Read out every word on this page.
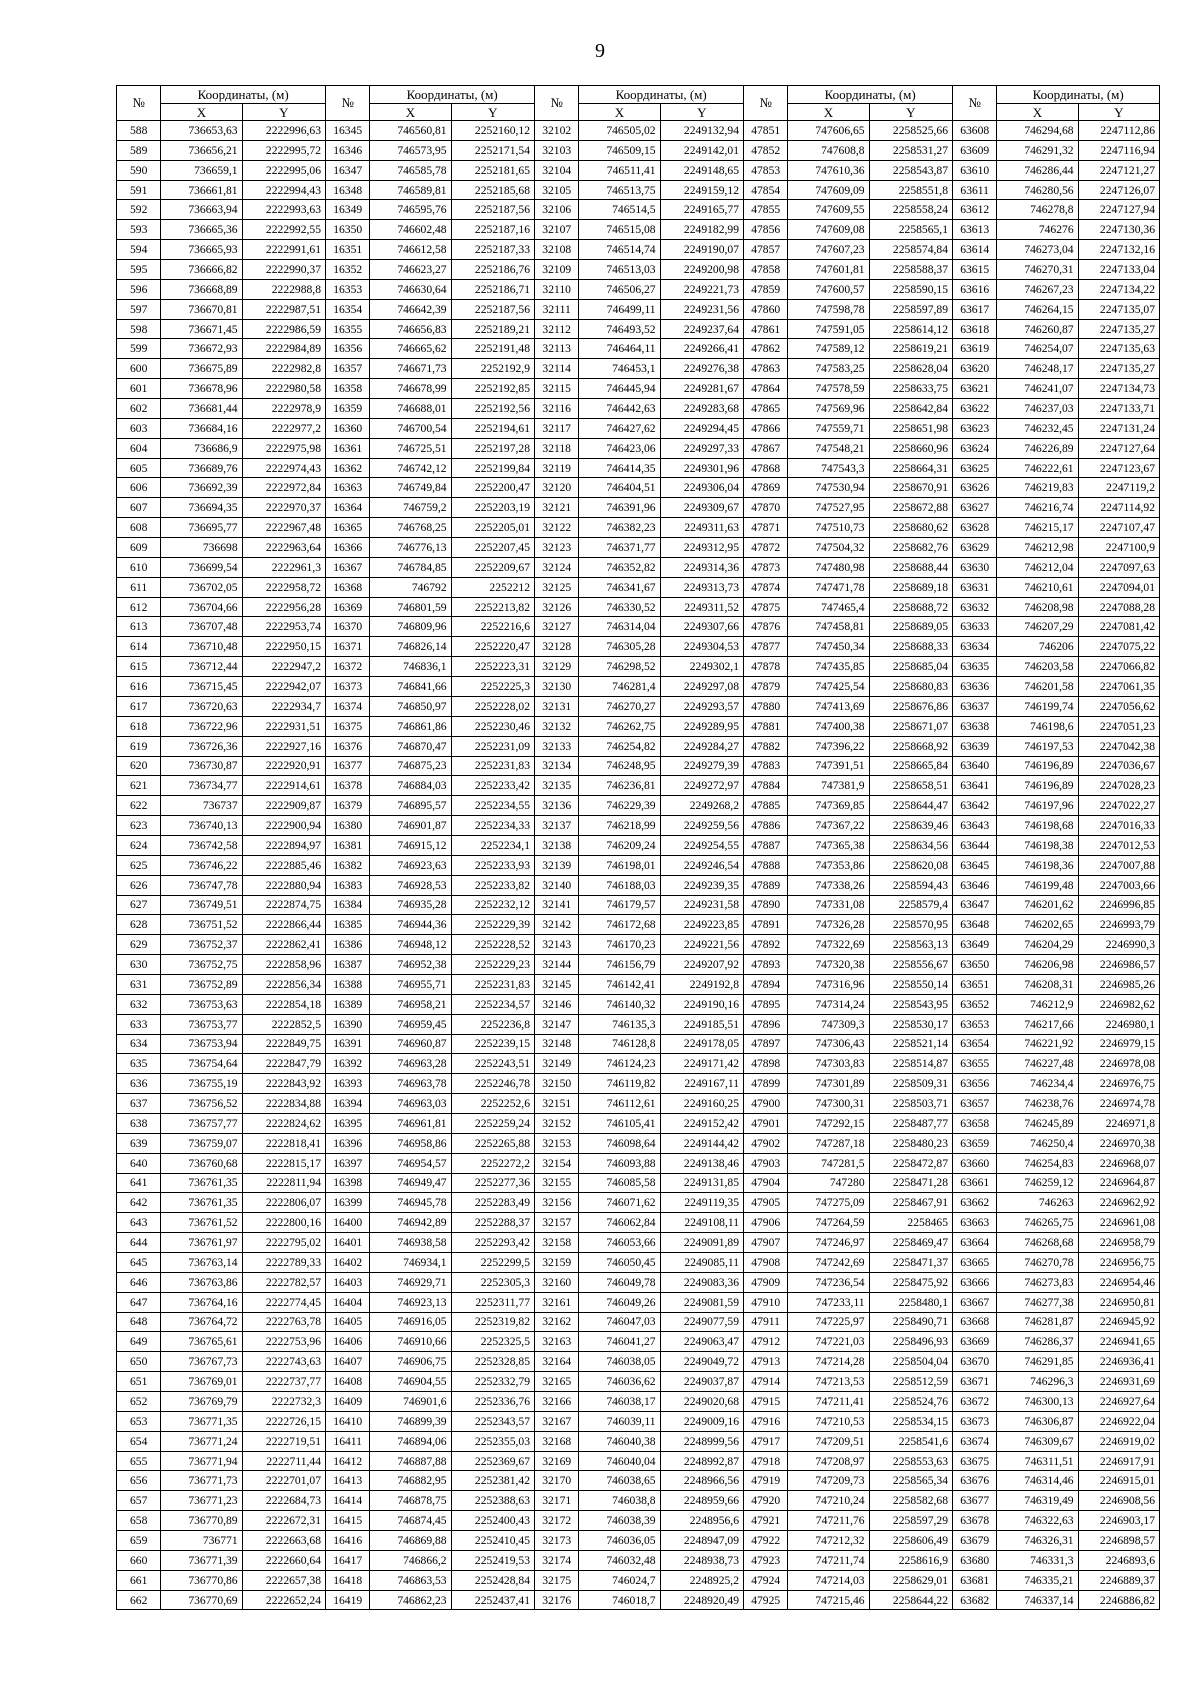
9
№	Координаты, (м)		№	Координаты, (м)		№	Координаты, (м)		№	Координаты, (м)		№	Координаты, (м)	
	X	Y		X	Y		X	Y		X	Y		X	Y
588	736653,63	2222996,63	16345	746560,81	2252160,12	32102	746505,02	2249132,94	47851	747606,65	2258525,66	63608	746294,68	2247112,86
589	736656,21	2222995,72	16346	746573,95	2252171,54	32103	746509,15	2249142,01	47852	747608,8	2258531,27	63609	746291,32	2247116,94
590	736659,1	2222995,06	16347	746585,78	2252181,65	32104	746511,41	2249148,65	47853	747610,36	2258543,87	63610	746286,44	2247121,27
591	736661,81	2222994,43	16348	746589,81	2252185,68	32105	746513,75	2249159,12	47854	747609,09	2258551,8	63611	746280,56	2247126,07
592	736663,94	2222993,63	16349	746595,76	2252187,56	32106	746514,5	2249165,77	47855	747609,55	2258558,24	63612	746278,8	2247127,94
593	736665,36	2222992,55	16350	746602,48	2252187,16	32107	746515,08	2249182,99	47856	747609,08	2258565,1	63613	746276	2247130,36
594	736665,93	2222991,61	16351	746612,58	2252187,33	32108	746514,74	2249190,07	47857	747607,23	2258574,84	63614	746273,04	2247132,16
595	736666,82	2222990,37	16352	746623,27	2252186,76	32109	746513,03	2249200,98	47858	747601,81	2258588,37	63615	746270,31	2247133,04
596	736668,89	2222988,8	16353	746630,64	2252186,71	32110	746506,27	2249221,73	47859	747600,57	2258590,15	63616	746267,23	2247134,22
597	736670,81	2222987,51	16354	746642,39	2252187,56	32111	746499,11	2249231,56	47860	747598,78	2258597,89	63617	746264,15	2247135,07
598	736671,45	2222986,59	16355	746656,83	2252189,21	32112	746493,52	2249237,64	47861	747591,05	2258614,12	63618	746260,87	2247135,27
599	736672,93	2222984,89	16356	746665,62	2252191,48	32113	746464,11	2249266,41	47862	747589,12	2258619,21	63619	746254,07	2247135,63
600	736675,89	2222982,8	16357	746671,73	2252192,9	32114	746453,1	2249276,38	47863	747583,25	2258628,04	63620	746248,17	2247135,27
601	736678,96	2222980,58	16358	746678,99	2252192,85	32115	746445,94	2249281,67	47864	747578,59	2258633,75	63621	746241,07	2247134,73
602	736681,44	2222978,9	16359	746688,01	2252192,56	32116	746442,63	2249283,68	47865	747569,96	2258642,84	63622	746237,03	2247133,71
603	736684,16	2222977,2	16360	746700,54	2252194,61	32117	746427,62	2249294,45	47866	747559,71	2258651,98	63623	746232,45	2247131,24
604	736686,9	2222975,98	16361	746725,51	2252197,28	32118	746423,06	2249297,33	47867	747548,21	2258660,96	63624	746226,89	2247127,64
605	736689,76	2222974,43	16362	746742,12	2252199,84	32119	746414,35	2249301,96	47868	747543,3	2258664,31	63625	746222,61	2247123,67
606	736692,39	2222972,84	16363	746749,84	2252200,47	32120	746404,51	2249306,04	47869	747530,94	2258670,91	63626	746219,83	2247119,2
607	736694,35	2222970,37	16364	746759,2	2252203,19	32121	746391,96	2249309,67	47870	747527,95	2258672,88	63627	746216,74	2247114,92
608	736695,77	2222967,48	16365	746768,25	2252205,01	32122	746382,23	2249311,63	47871	747510,73	2258680,62	63628	746215,17	2247107,47
609	736698	2222963,64	16366	746776,13	2252207,45	32123	746371,77	2249312,95	47872	747504,32	2258682,76	63629	746212,98	2247100,9
610	736699,54	2222961,3	16367	746784,85	2252209,67	32124	746352,82	2249314,36	47873	747480,98	2258688,44	63630	746212,04	2247097,63
611	736702,05	2222958,72	16368	746792	2252212	32125	746341,67	2249313,73	47874	747471,78	2258689,18	63631	746210,61	2247094,01
612	736704,66	2222956,28	16369	746801,59	2252213,82	32126	746330,52	2249311,52	47875	747465,4	2258688,72	63632	746208,98	2247088,28
613	736707,48	2222953,74	16370	746809,96	2252216,6	32127	746314,04	2249307,66	47876	747458,81	2258689,05	63633	746207,29	2247081,42
614	736710,48	2222950,15	16371	746826,14	2252220,47	32128	746305,28	2249304,53	47877	747450,34	2258688,33	63634	746206	2247075,22
615	736712,44	2222947,2	16372	746836,1	2252223,31	32129	746298,52	2249302,1	47878	747435,85	2258685,04	63635	746203,58	2247066,82
616	736715,45	2222942,07	16373	746841,66	2252225,3	32130	746281,4	2249297,08	47879	747425,54	2258680,83	63636	746201,58	2247061,35
617	736720,63	2222934,7	16374	746850,97	2252228,02	32131	746270,27	2249293,57	47880	747413,69	2258676,86	63637	746199,74	2247056,62
618	736722,96	2222931,51	16375	746861,86	2252230,46	32132	746262,75	2249289,95	47881	747400,38	2258671,07	63638	746198,6	2247051,23
619	736726,36	2222927,16	16376	746870,47	2252231,09	32133	746254,82	2249284,27	47882	747396,22	2258668,92	63639	746197,53	2247042,38
620	736730,87	2222920,91	16377	746875,23	2252231,83	32134	746248,95	2249279,39	47883	747391,51	2258665,84	63640	746196,89	2247036,67
621	736734,77	2222914,61	16378	746884,03	2252233,42	32135	746236,81	2249272,97	47884	747381,9	2258658,51	63641	746196,89	2247028,23
622	736737	2222909,87	16379	746895,57	2252234,55	32136	746229,39	2249268,2	47885	747369,85	2258644,47	63642	746197,96	2247022,27
623	736740,13	2222900,94	16380	746901,87	2252234,33	32137	746218,99	2249259,56	47886	747367,22	2258639,46	63643	746198,68	2247016,33
624	736742,58	2222894,97	16381	746915,12	2252234,1	32138	746209,24	2249254,55	47887	747365,38	2258634,56	63644	746198,38	2247012,53
625	736746,22	2222885,46	16382	746923,63	2252233,93	32139	746198,01	2249246,54	47888	747353,86	2258620,08	63645	746198,36	2247007,88
626	736747,78	2222880,94	16383	746928,53	2252233,82	32140	746188,03	2249239,35	47889	747338,26	2258594,43	63646	746199,48	2247003,66
627	736749,51	2222874,75	16384	746935,28	2252232,12	32141	746179,57	2249231,58	47890	747331,08	2258579,4	63647	746201,62	2246996,85
628	736751,52	2222866,44	16385	746944,36	2252229,39	32142	746172,68	2249223,85	47891	747326,28	2258570,95	63648	746202,65	2246993,79
629	736752,37	2222862,41	16386	746948,12	2252228,52	32143	746170,23	2249221,56	47892	747322,69	2258563,13	63649	746204,29	2246990,3
630	736752,75	2222858,96	16387	746952,38	2252229,23	32144	746156,79	2249207,92	47893	747320,38	2258556,67	63650	746206,98	2246986,57
631	736752,89	2222856,34	16388	746955,71	2252231,83	32145	746142,41	2249192,8	47894	747316,96	2258550,14	63651	746208,31	2246985,26
632	736753,63	2222854,18	16389	746958,21	2252234,57	32146	746140,32	2249190,16	47895	747314,24	2258543,95	63652	746212,9	2246982,62
633	736753,77	2222852,5	16390	746959,45	2252236,8	32147	746135,3	2249185,51	47896	747309,3	2258530,17	63653	746217,66	2246980,1
634	736753,94	2222849,75	16391	746960,87	2252239,15	32148	746128,8	2249178,05	47897	747306,43	2258521,14	63654	746221,92	2246979,15
635	736754,64	2222847,79	16392	746963,28	2252243,51	32149	746124,23	2249171,42	47898	747303,83	2258514,87	63655	746227,48	2246978,08
636	736755,19	2222843,92	16393	746963,78	2252246,78	32150	746119,82	2249167,11	47899	747301,89	2258509,31	63656	746234,4	2246976,75
637	736756,52	2222834,88	16394	746963,03	2252252,6	32151	746112,61	2249160,25	47900	747300,31	2258503,71	63657	746238,76	2246974,78
638	736757,77	2222824,62	16395	746961,81	2252259,24	32152	746105,41	2249152,42	47901	747292,15	2258487,77	63658	746245,89	2246971,8
639	736759,07	2222818,41	16396	746958,86	2252265,88	32153	746098,64	2249144,42	47902	747287,18	2258480,23	63659	746250,4	2246970,38
640	736760,68	2222815,17	16397	746954,57	2252272,2	32154	746093,88	2249138,46	47903	747281,5	2258472,87	63660	746254,83	2246968,07
641	736761,35	2222811,94	16398	746949,47	2252277,36	32155	746085,58	2249131,85	47904	747280	2258471,28	63661	746259,12	2246964,87
642	736761,35	2222806,07	16399	746945,78	2252283,49	32156	746071,62	2249119,35	47905	747275,09	2258467,91	63662	746263	2246962,92
643	736761,52	2222800,16	16400	746942,89	2252288,37	32157	746062,84	2249108,11	47906	747264,59	2258465	63663	746265,75	2246961,08
644	736761,97	2222795,02	16401	746938,58	2252293,42	32158	746053,66	2249091,89	47907	747246,97	2258469,47	63664	746268,68	2246958,79
645	736763,14	2222789,33	16402	746934,1	2252299,5	32159	746050,45	2249085,11	47908	747242,69	2258471,37	63665	746270,78	2246956,75
646	736763,86	2222782,57	16403	746929,71	2252305,3	32160	746049,78	2249083,36	47909	747236,54	2258475,92	63666	746273,83	2246954,46
647	736764,16	2222774,45	16404	746923,13	2252311,77	32161	746049,26	2249081,59	47910	747233,11	2258480,1	63667	746277,38	2246950,81
648	736764,72	2222763,78	16405	746916,05	2252319,82	32162	746047,03	2249077,59	47911	747225,97	2258490,71	63668	746281,87	2246945,92
649	736765,61	2222753,96	16406	746910,66	2252325,5	32163	746041,27	2249063,47	47912	747221,03	2258496,93	63669	746286,37	2246941,65
650	736767,73	2222743,63	16407	746906,75	2252328,85	32164	746038,05	2249049,72	47913	747214,28	2258504,04	63670	746291,85	2246936,41
651	736769,01	2222737,77	16408	746904,55	2252332,79	32165	746036,62	2249037,87	47914	747213,53	2258512,59	63671	746296,3	2246931,69
652	736769,79	2222732,3	16409	746901,6	2252336,76	32166	746038,17	2249020,68	47915	747211,41	2258524,76	63672	746300,13	2246927,64
653	736771,35	2222726,15	16410	746899,39	2252343,57	32167	746039,11	2249009,16	47916	747210,53	2258534,15	63673	746306,87	2246922,04
654	736771,24	2222719,51	16411	746894,06	2252355,03	32168	746040,38	2248999,56	47917	747209,51	2258541,6	63674	746309,67	2246919,02
655	736771,94	2222711,44	16412	746887,88	2252369,67	32169	746040,04	2248992,87	47918	747208,97	2258553,63	63675	746311,51	2246917,91
656	736771,73	2222701,07	16413	746882,95	2252381,42	32170	746038,65	2248966,56	47919	747209,73	2258565,34	63676	746314,46	2246915,01
657	736771,23	2222684,73	16414	746878,75	2252388,63	32171	746038,8	2248959,66	47920	747210,24	2258582,68	63677	746319,49	2246908,56
658	736770,89	2222672,31	16415	746874,45	2252400,43	32172	746038,39	2248956,6	47921	747211,76	2258597,29	63678	746322,63	2246903,17
659	736771	2222663,68	16416	746869,88	2252410,45	32173	746036,05	2248947,09	47922	747212,32	2258606,49	63679	746326,31	2246898,57
660	736771,39	2222660,64	16417	746866,2	2252419,53	32174	746032,48	2248938,73	47923	747211,74	2258616,9	63680	746331,3	2246893,6
661	736770,86	2222657,38	16418	746863,53	2252428,84	32175	746024,7	2248925,2	47924	747214,03	2258629,01	63681	746335,21	2246889,37
662	736770,69	2222652,24	16419	746862,23	2252437,41	32176	746018,7	2248920,49	47925	747215,46	2258644,22	63682	746337,14	2246886,82
